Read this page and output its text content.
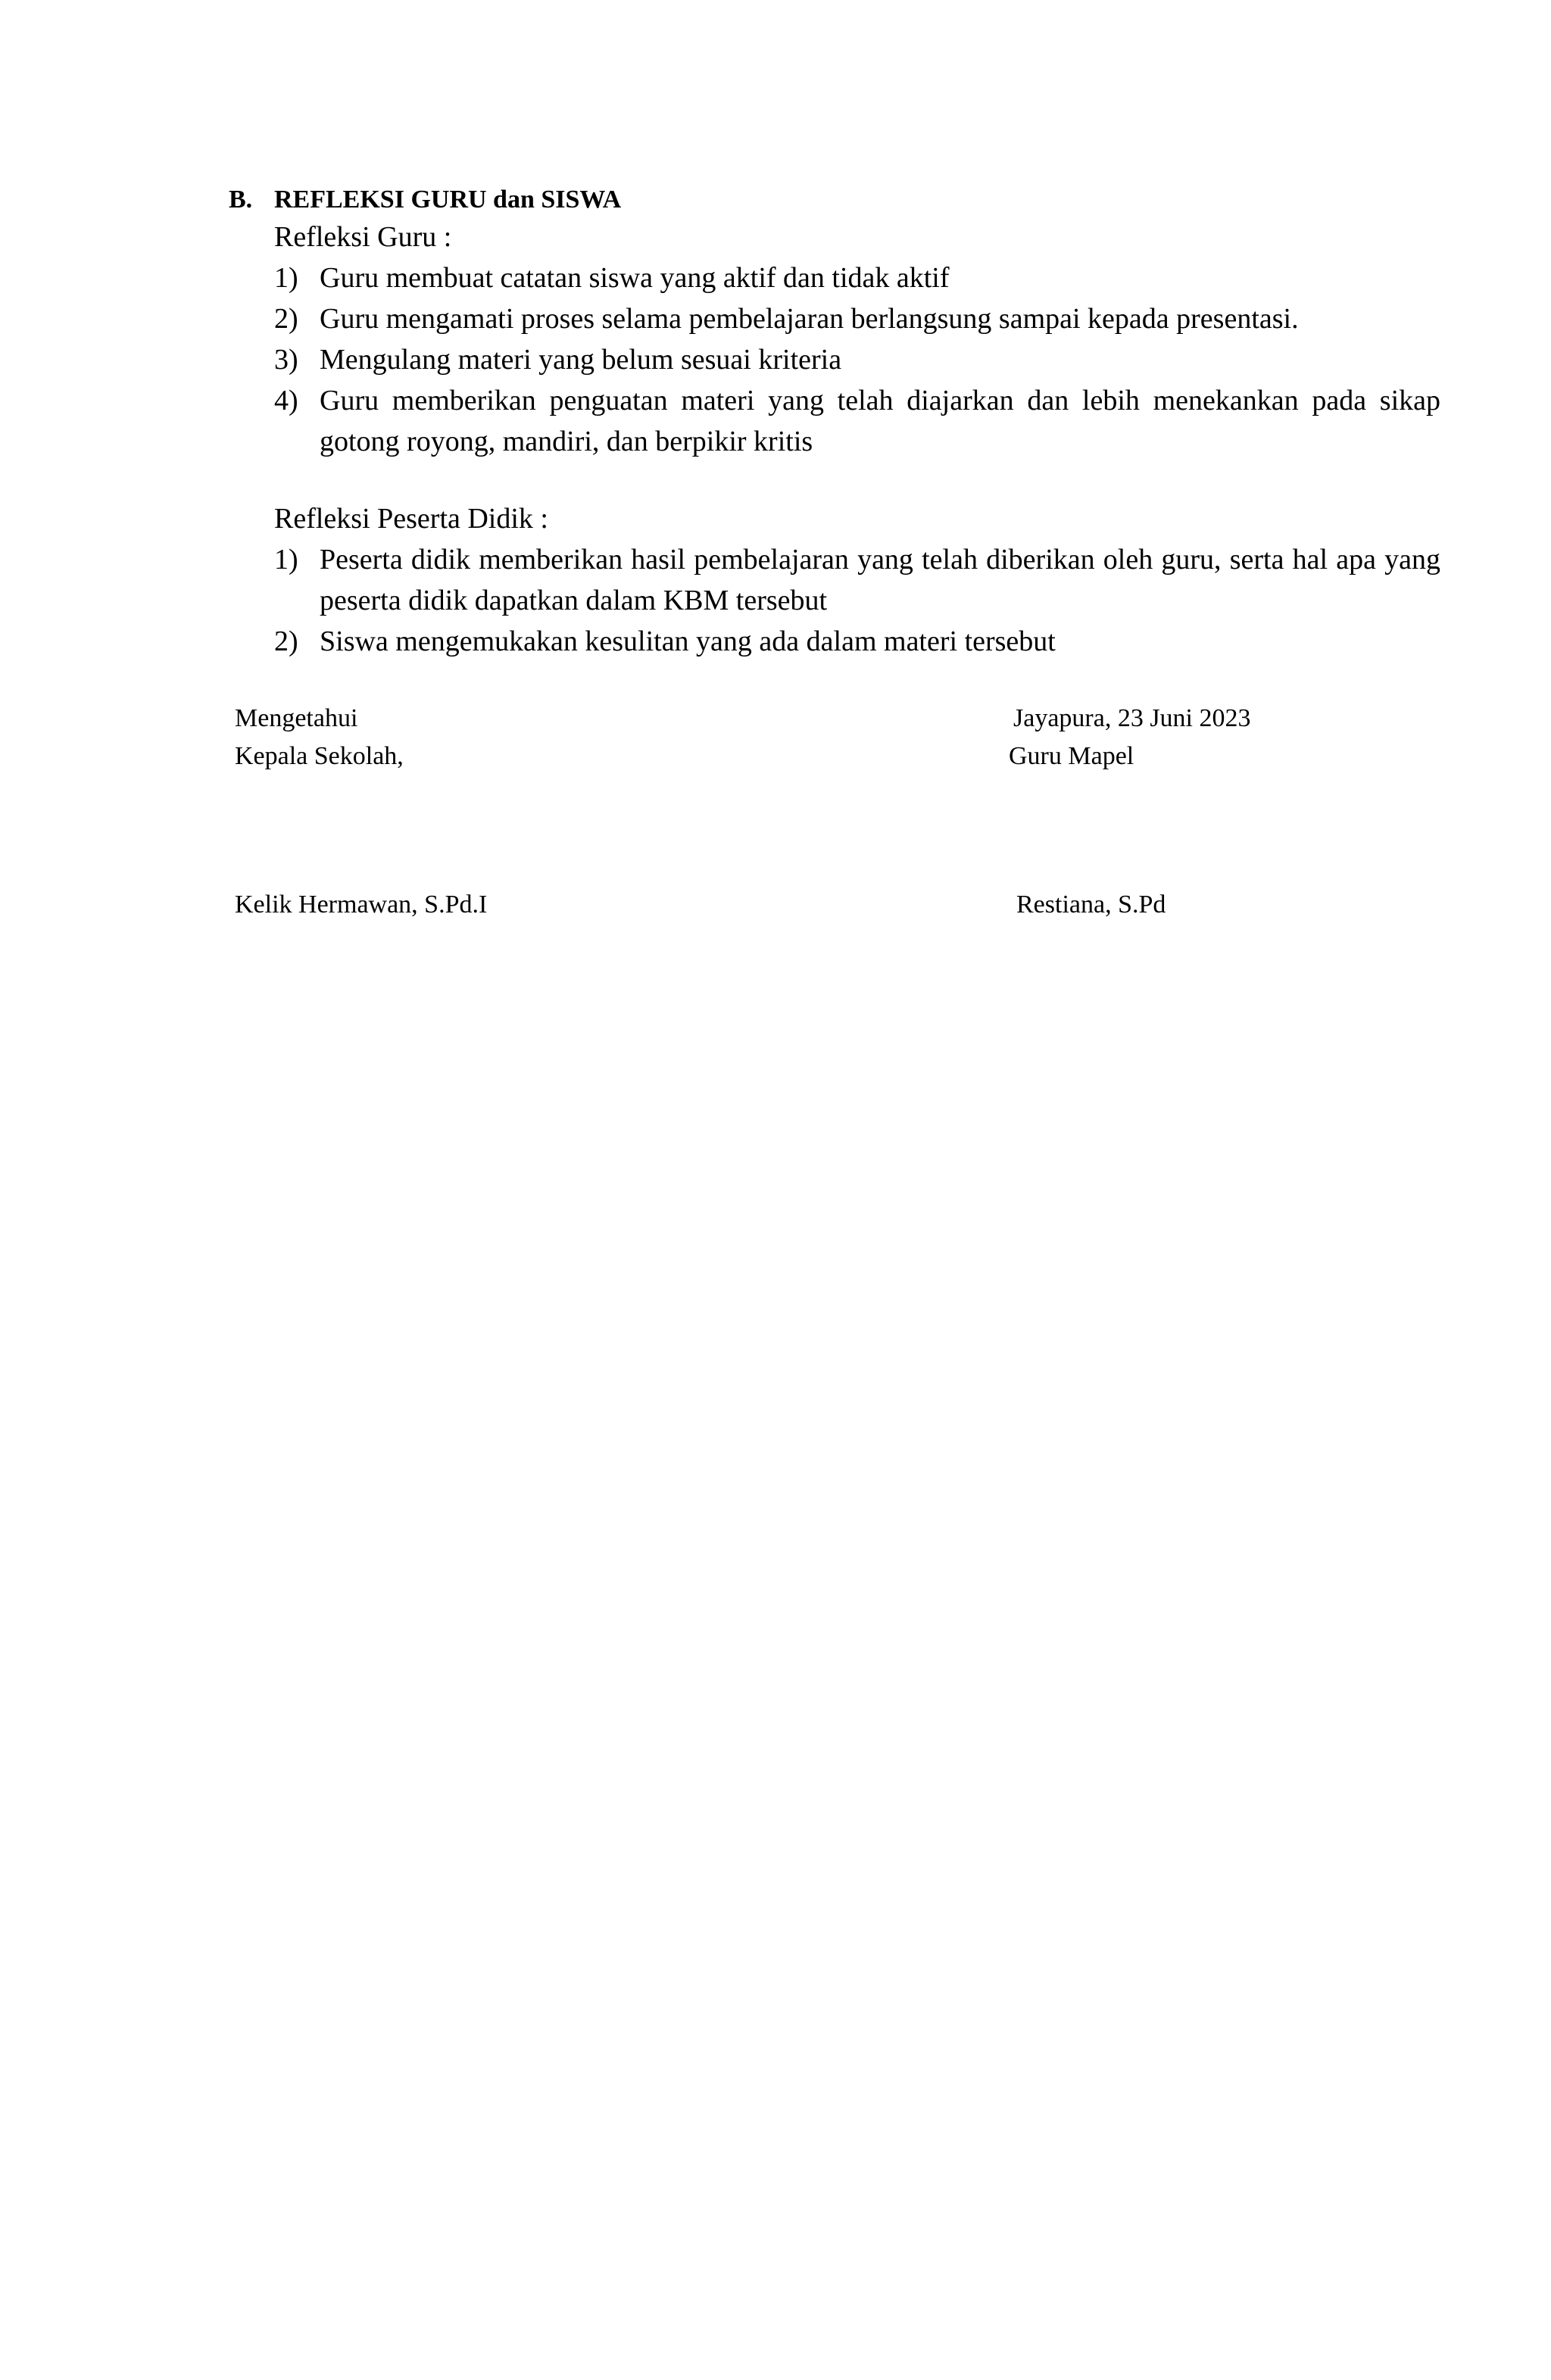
B. REFLEKSI GURU dan SISWA
Refleksi Guru :
1) Guru membuat catatan siswa yang aktif dan tidak aktif
2) Guru mengamati proses selama pembelajaran berlangsung sampai kepada presentasi.
3) Mengulang materi yang belum sesuai kriteria
4) Guru memberikan penguatan materi yang telah diajarkan dan lebih menekankan pada sikap gotong royong, mandiri, dan berpikir kritis
Refleksi Peserta Didik :
1) Peserta didik memberikan hasil pembelajaran yang telah diberikan oleh guru, serta hal apa yang peserta didik dapatkan dalam KBM tersebut
2) Siswa mengemukakan kesulitan yang ada dalam materi tersebut
Mengetahui
Kepala Sekolah,
Kelik Hermawan, S.Pd.I
Jayapura, 23 Juni 2023
Guru Mapel
Restiana, S.Pd
